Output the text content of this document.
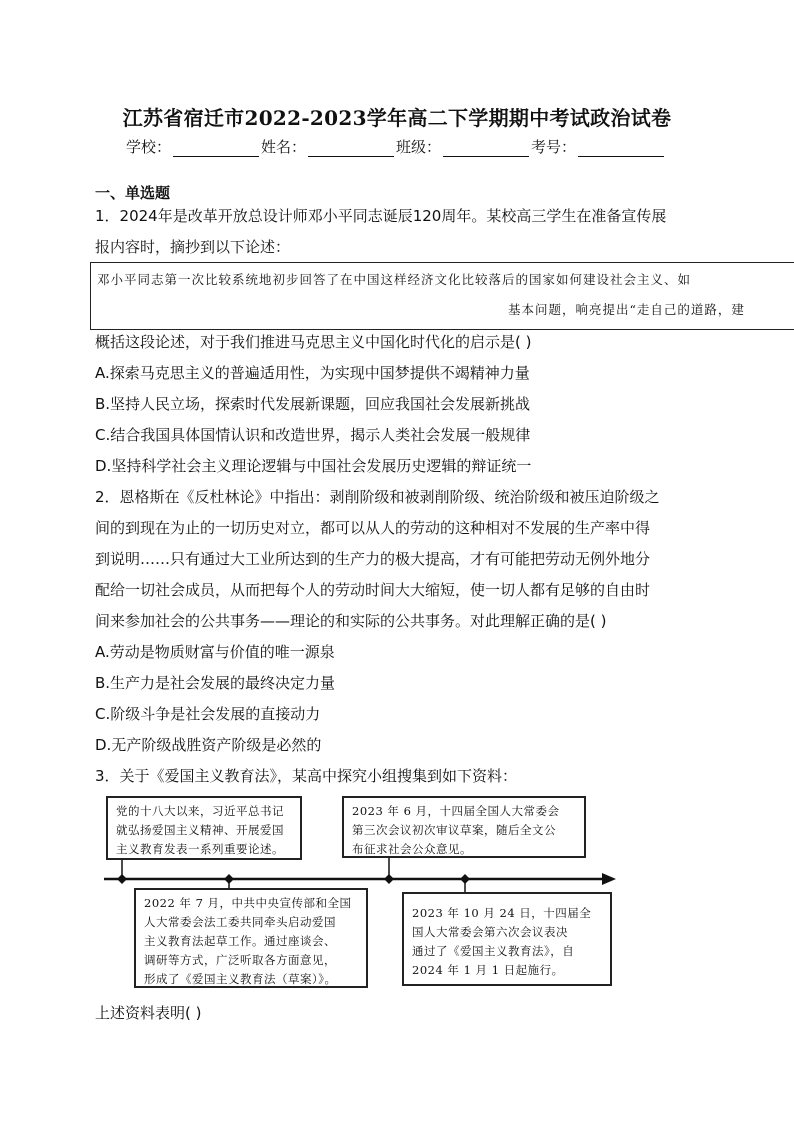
江苏省宿迁市2022-2023学年高二下学期期中考试政治试卷
学校：	姓名：	班级：	考号：
一、单选题
1．2024年是改革开放总设计师邓小平同志诞辰120周年。某校高三学生在准备宣传展
报内容时，摘抄到以下论述：
邓小平同志第一次比较系统地初步回答了在中国这样经济文化比较落后的国家如何建设社会主义、如
基本问题，响亮提出“走自己的道路，建
概括这段论述，对于我们推进马克思主义中国化时代化的启示是( )
A.探索马克思主义的普遍适用性，为实现中国梦提供不竭精神力量
B.坚持人民立场，探索时代发展新课题，回应我国社会发展新挑战
C.结合我国具体国情认识和改造世界，揭示人类社会发展一般规律
D.坚持科学社会主义理论逻辑与中国社会发展历史逻辑的辩证统一
2．恩格斯在《反杜林论》中指出：剥削阶级和被剥削阶级、统治阶级和被压迫阶级之
间的到现在为止的一切历史对立，都可以从人的劳动的这种相对不发展的生产率中得
到说明……只有通过大工业所达到的生产力的极大提高，才有可能把劳动无例外地分
配给一切社会成员，从而把每个人的劳动时间大大缩短，使一切人都有足够的自由时
间来参加社会的公共事务——理论的和实际的公共事务。对此理解正确的是( )
A.劳动是物质财富与价值的唯一源泉
B.生产力是社会发展的最终决定力量
C.阶级斗争是社会发展的直接动力
D.无产阶级战胜资产阶级是必然的
3．关于《爱国主义教育法》，某高中探究小组搜集到如下资料：

党的十八大以来，习近平总书记

就弘扬爱国主义精神、开展爱国

主义教育发表一系列重要论述。

2023 年 6 月，十四届全国人大常委会

第三次会议初次审议草案，随后全文公

布征求社会公众意见。

2022 年 7 月，中共中央宣传部和全国

人大常委会法工委共同牵头启动爱国

主义教育法起草工作。通过座谈会、

调研等方式，广泛听取各方面意见，

形成了《爱国主义教育法（草案）》。

2023 年 10 月 24 日，十四届全

国人大常委会第六次会议表决

通过了《爱国主义教育法》，自

2024 年 1 月 1 日起施行。

上述资料表明( )
